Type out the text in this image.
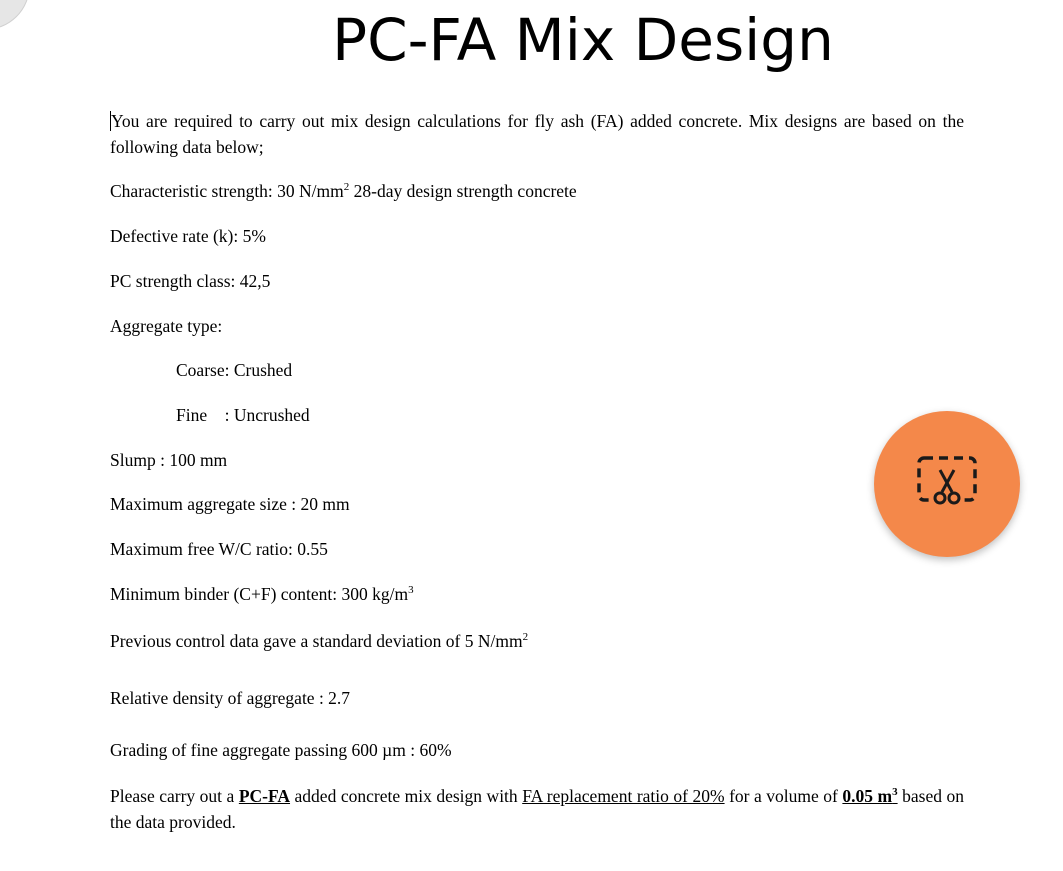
PC-FA Mix Design

You are required to carry out mix design calculations for fly ash (FA) added concrete. Mix designs are based on the following data below;

Characteristic strength: 30 $N/mm^2$ 28-day design strength concrete

Defective rate (k): 5%

PC strength class: 42,5

Aggregate type:

Coarse: Crushed

Fine    : Uncrushed

Slump : 100 mm

Maximum aggregate size : 20 mm

Maximum free W/C ratio: 0.55

Minimum binder (C+F) content: 300 $kg/m^3$

Previous control data gave a standard deviation of 5 $N/mm^2$

Relative density of aggregate : 2.7

Grading of fine aggregate passing 600 µm : 60%

Please carry out a PC-FA added concrete mix design with FA replacement ratio of 20% for a volume of 0.05 $m^3$ based on the data provided.
